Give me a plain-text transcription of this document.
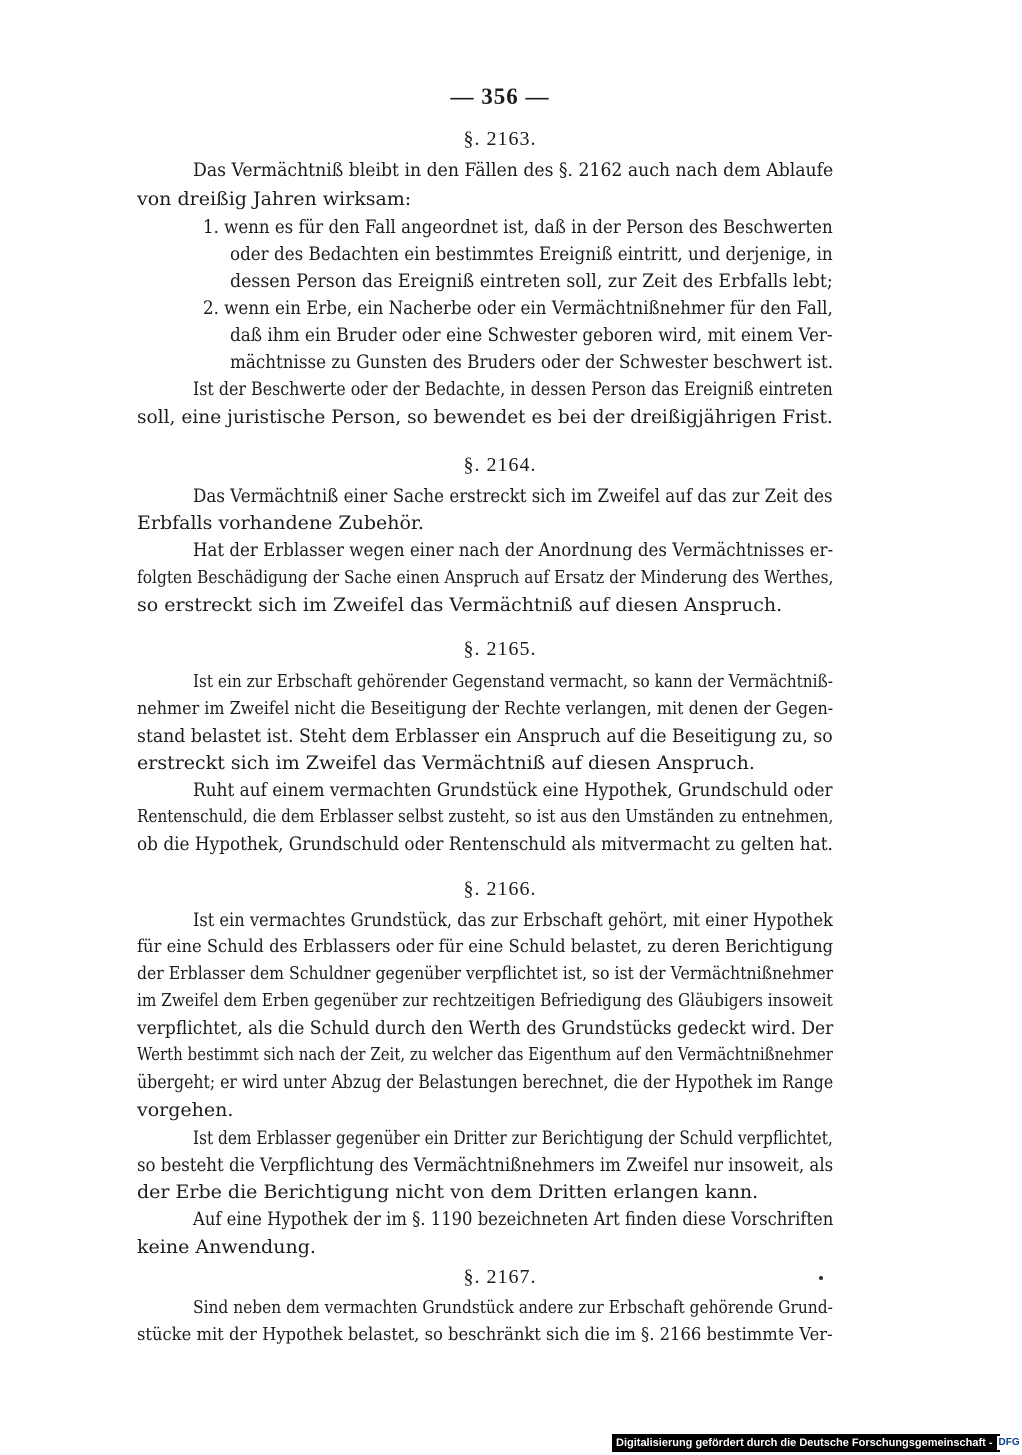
— 356 —
§. 2163.
Das Vermächtniß bleibt in den Fällen des §. 2162 auch nach dem Ablaufe
von dreißig Jahren wirksam:
1. wenn es für den Fall angeordnet ist, daß in der Person des Beschwerten
oder des Bedachten ein bestimmtes Ereigniß eintritt, und derjenige, in
dessen Person das Ereigniß eintreten soll, zur Zeit des Erbfalls lebt;
2. wenn ein Erbe, ein Nacherbe oder ein Vermächtnißnehmer für den Fall,
daß ihm ein Bruder oder eine Schwester geboren wird, mit einem Ver-
mächtnisse zu Gunsten des Bruders oder der Schwester beschwert ist.
Ist der Beschwerte oder der Bedachte, in dessen Person das Ereigniß eintreten
soll, eine juristische Person, so bewendet es bei der dreißigjährigen Frist.
§. 2164.
Das Vermächtniß einer Sache erstreckt sich im Zweifel auf das zur Zeit des
Erbfalls vorhandene Zubehör.
Hat der Erblasser wegen einer nach der Anordnung des Vermächtnisses er-
folgten Beschädigung der Sache einen Anspruch auf Ersatz der Minderung des Werthes,
so erstreckt sich im Zweifel das Vermächtniß auf diesen Anspruch.
§. 2165.
Ist ein zur Erbschaft gehörender Gegenstand vermacht, so kann der Vermächtniß-
nehmer im Zweifel nicht die Beseitigung der Rechte verlangen, mit denen der Gegen-
stand belastet ist. Steht dem Erblasser ein Anspruch auf die Beseitigung zu, so
erstreckt sich im Zweifel das Vermächtniß auf diesen Anspruch.
Ruht auf einem vermachten Grundstück eine Hypothek, Grundschuld oder
Rentenschuld, die dem Erblasser selbst zusteht, so ist aus den Umständen zu entnehmen,
ob die Hypothek, Grundschuld oder Rentenschuld als mitvermacht zu gelten hat.
§. 2166.
Ist ein vermachtes Grundstück, das zur Erbschaft gehört, mit einer Hypothek
für eine Schuld des Erblassers oder für eine Schuld belastet, zu deren Berichtigung
der Erblasser dem Schuldner gegenüber verpflichtet ist, so ist der Vermächtnißnehmer
im Zweifel dem Erben gegenüber zur rechtzeitigen Befriedigung des Gläubigers insoweit
verpflichtet, als die Schuld durch den Werth des Grundstücks gedeckt wird. Der
Werth bestimmt sich nach der Zeit, zu welcher das Eigenthum auf den Vermächtnißnehmer
übergeht; er wird unter Abzug der Belastungen berechnet, die der Hypothek im Range
vorgehen.
Ist dem Erblasser gegenüber ein Dritter zur Berichtigung der Schuld verpflichtet,
so besteht die Verpflichtung des Vermächtnißnehmers im Zweifel nur insoweit, als
der Erbe die Berichtigung nicht von dem Dritten erlangen kann.
Auf eine Hypothek der im §. 1190 bezeichneten Art finden diese Vorschriften
keine Anwendung.
§. 2167.
Sind neben dem vermachten Grundstück andere zur Erbschaft gehörende Grund-
stücke mit der Hypothek belastet, so beschränkt sich die im §. 2166 bestimmte Ver-
Digitalisierung gefördert durch die Deutsche Forschungsgemeinschaft - DFG
